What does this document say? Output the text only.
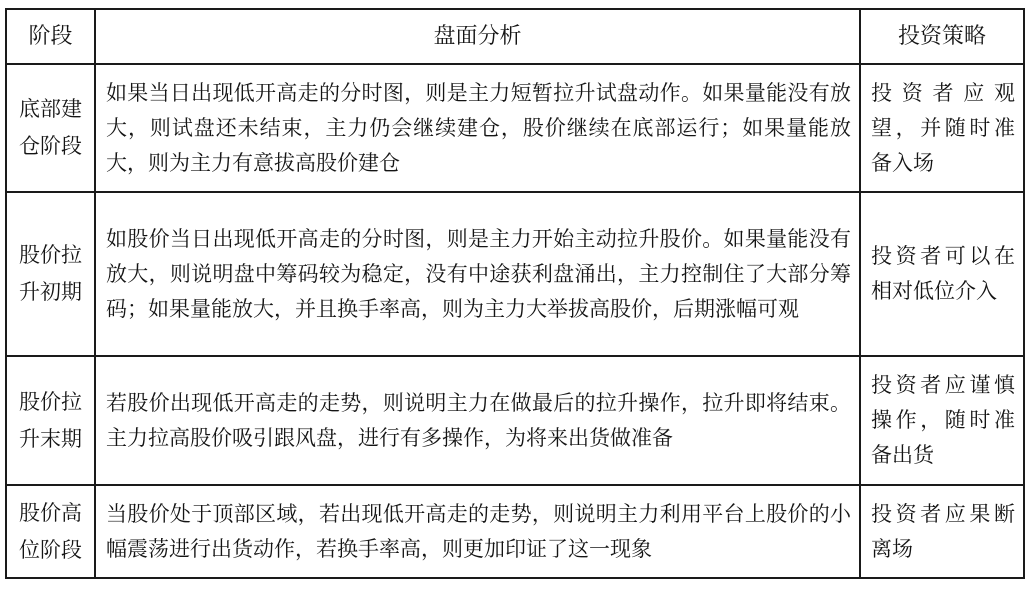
阶段	盘面分析	投资策略
底部建仓阶段	如果当日出现低开高走的分时图，则是主力短暂拉升试盘动作。如果量能没有放大，则试盘还未结束，主力仍会继续建仓，股价继续在底部运行；如果量能放大，则为主力有意拔高股价建仓	投资者应观望，并随时准备入场
股价拉升初期	如股价当日出现低开高走的分时图，则是主力开始主动拉升股价。如果量能没有放大，则说明盘中筹码较为稳定，没有中途获利盘涌出，主力控制住了大部分筹码；如果量能放大，并且换手率高，则为主力大举拔高股价，后期涨幅可观	投资者可以在相对低位介入
股价拉升末期	若股价出现低开高走的走势，则说明主力在做最后的拉升操作，拉升即将结束。主力拉高股价吸引跟风盘，进行有多操作，为将来出货做准备	投资者应谨慎操作，随时准备出货
股价高位阶段	当股价处于顶部区域，若出现低开高走的走势，则说明主力利用平台上股价的小幅震荡进行出货动作，若换手率高，则更加印证了这一现象	投资者应果断离场
